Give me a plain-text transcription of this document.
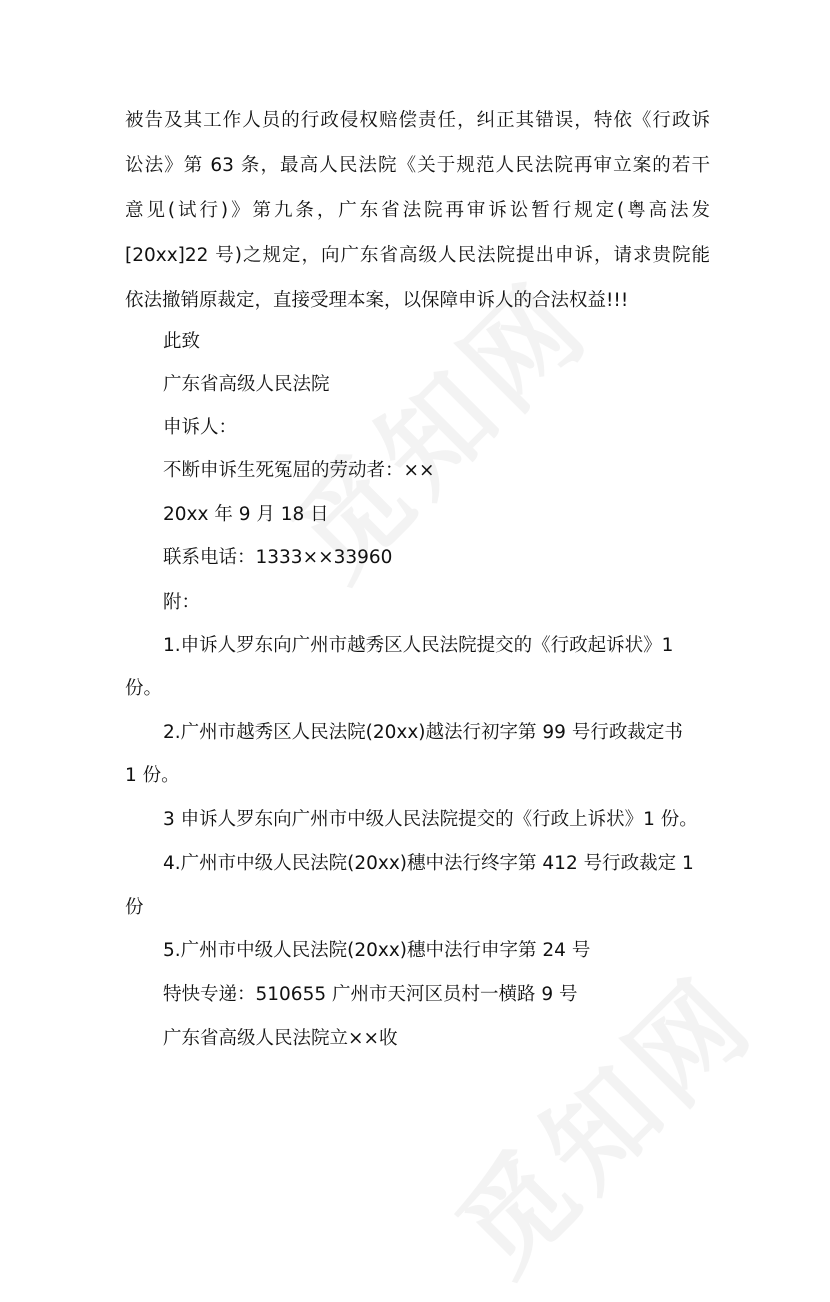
被告及其工作人员的行政侵权赔偿责任，纠正其错误，特依《行政诉
讼法》第 63 条，最高人民法院《关于规范人民法院再审立案的若干
意见(试行)》第九条，广东省法院再审诉讼暂行规定(粤高法发
[20xx]22 号)之规定，向广东省高级人民法院提出申诉，请求贵院能
依法撤销原裁定，直接受理本案，以保障申诉人的合法权益!!!
此致
广东省高级人民法院
申诉人：
不断申诉生死冤屈的劳动者：××
20xx 年 9 月 18 日
联系电话：1333××33960
附：
1.申诉人罗东向广州市越秀区人民法院提交的《行政起诉状》1
份。
2.广州市越秀区人民法院(20xx)越法行初字第 99 号行政裁定书
1 份。
3 申诉人罗东向广州市中级人民法院提交的《行政上诉状》1 份。
4.广州市中级人民法院(20xx)穗中法行终字第 412 号行政裁定 1
份
5.广州市中级人民法院(20xx)穗中法行申字第 24 号
特快专递：510655 广州市天河区员村一横路 9 号
广东省高级人民法院立××收
